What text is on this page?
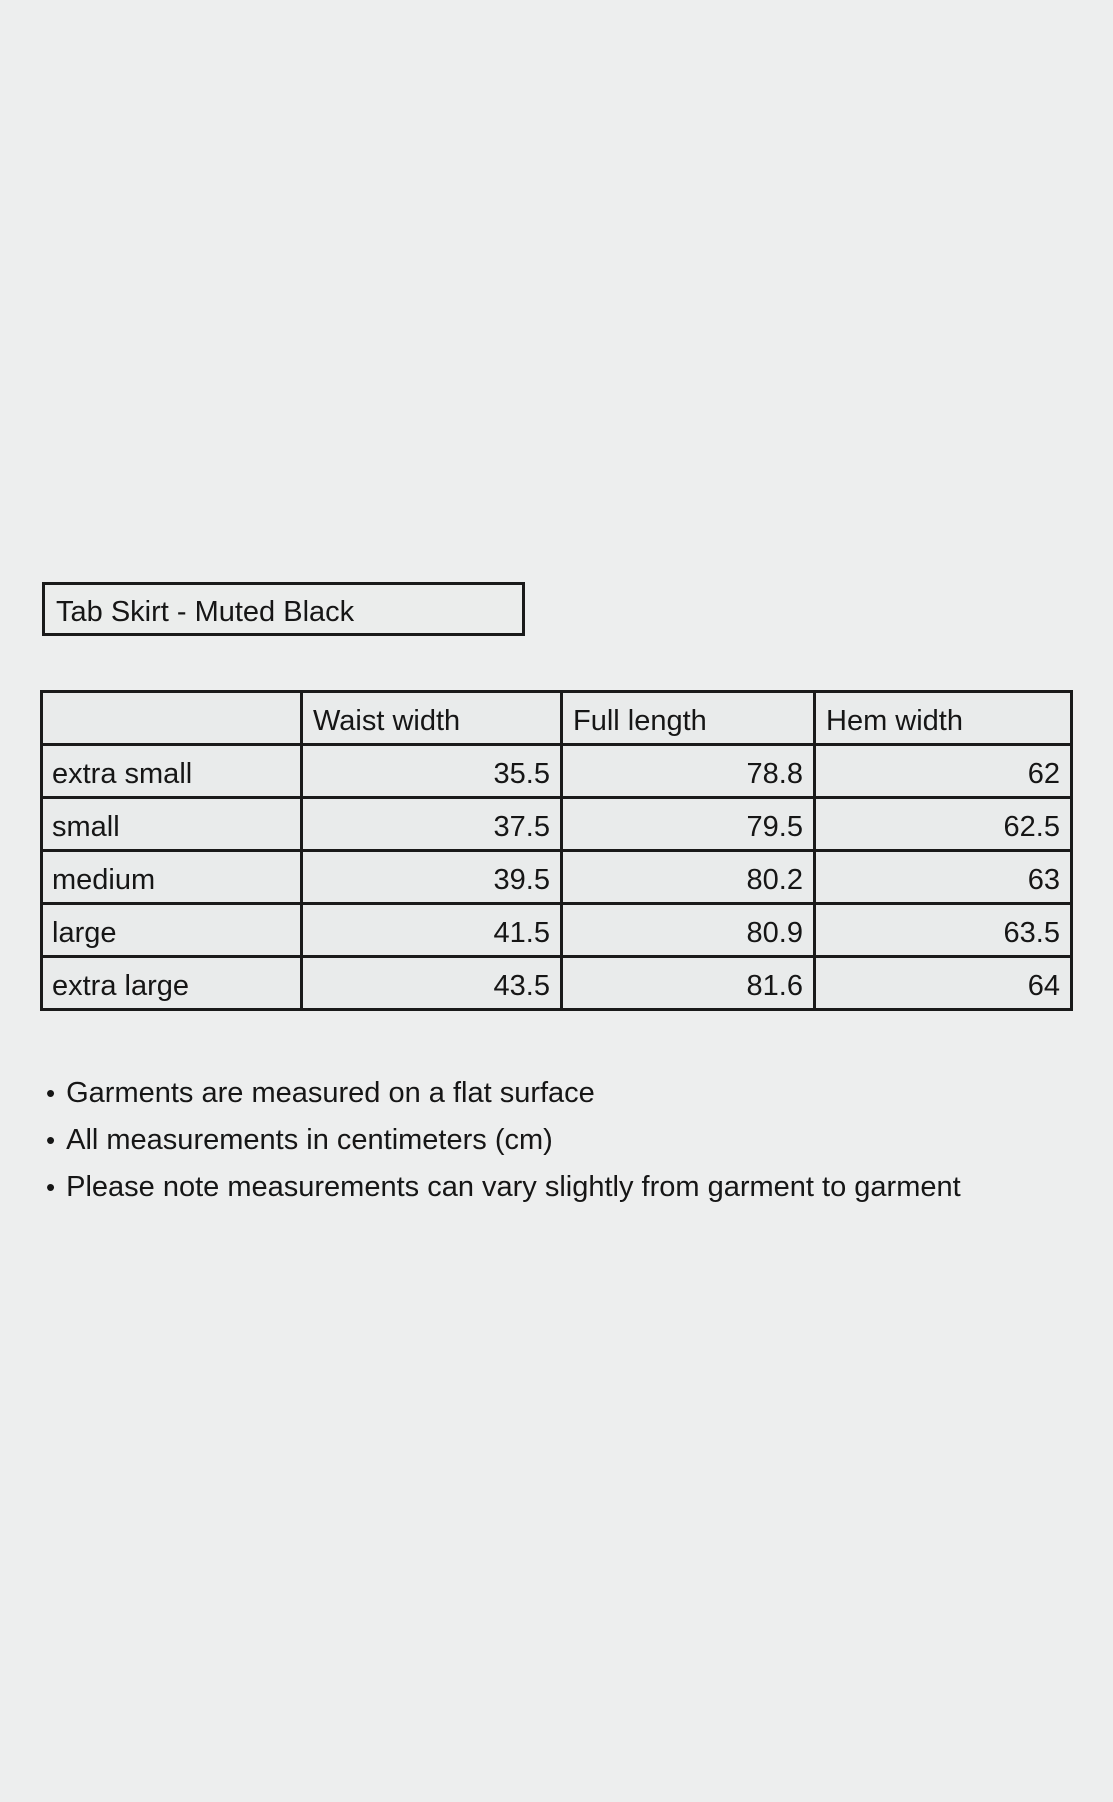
Tab Skirt - Muted Black
	Waist width	Full length	Hem width
extra small	35.5	78.8	62
small	37.5	79.5	62.5
medium	39.5	80.2	63
large	41.5	80.9	63.5
extra large	43.5	81.6	64
• Garments are measured on a flat surface
• All measurements in centimeters (cm)
• Please note measurements can vary slightly from garment to garment
